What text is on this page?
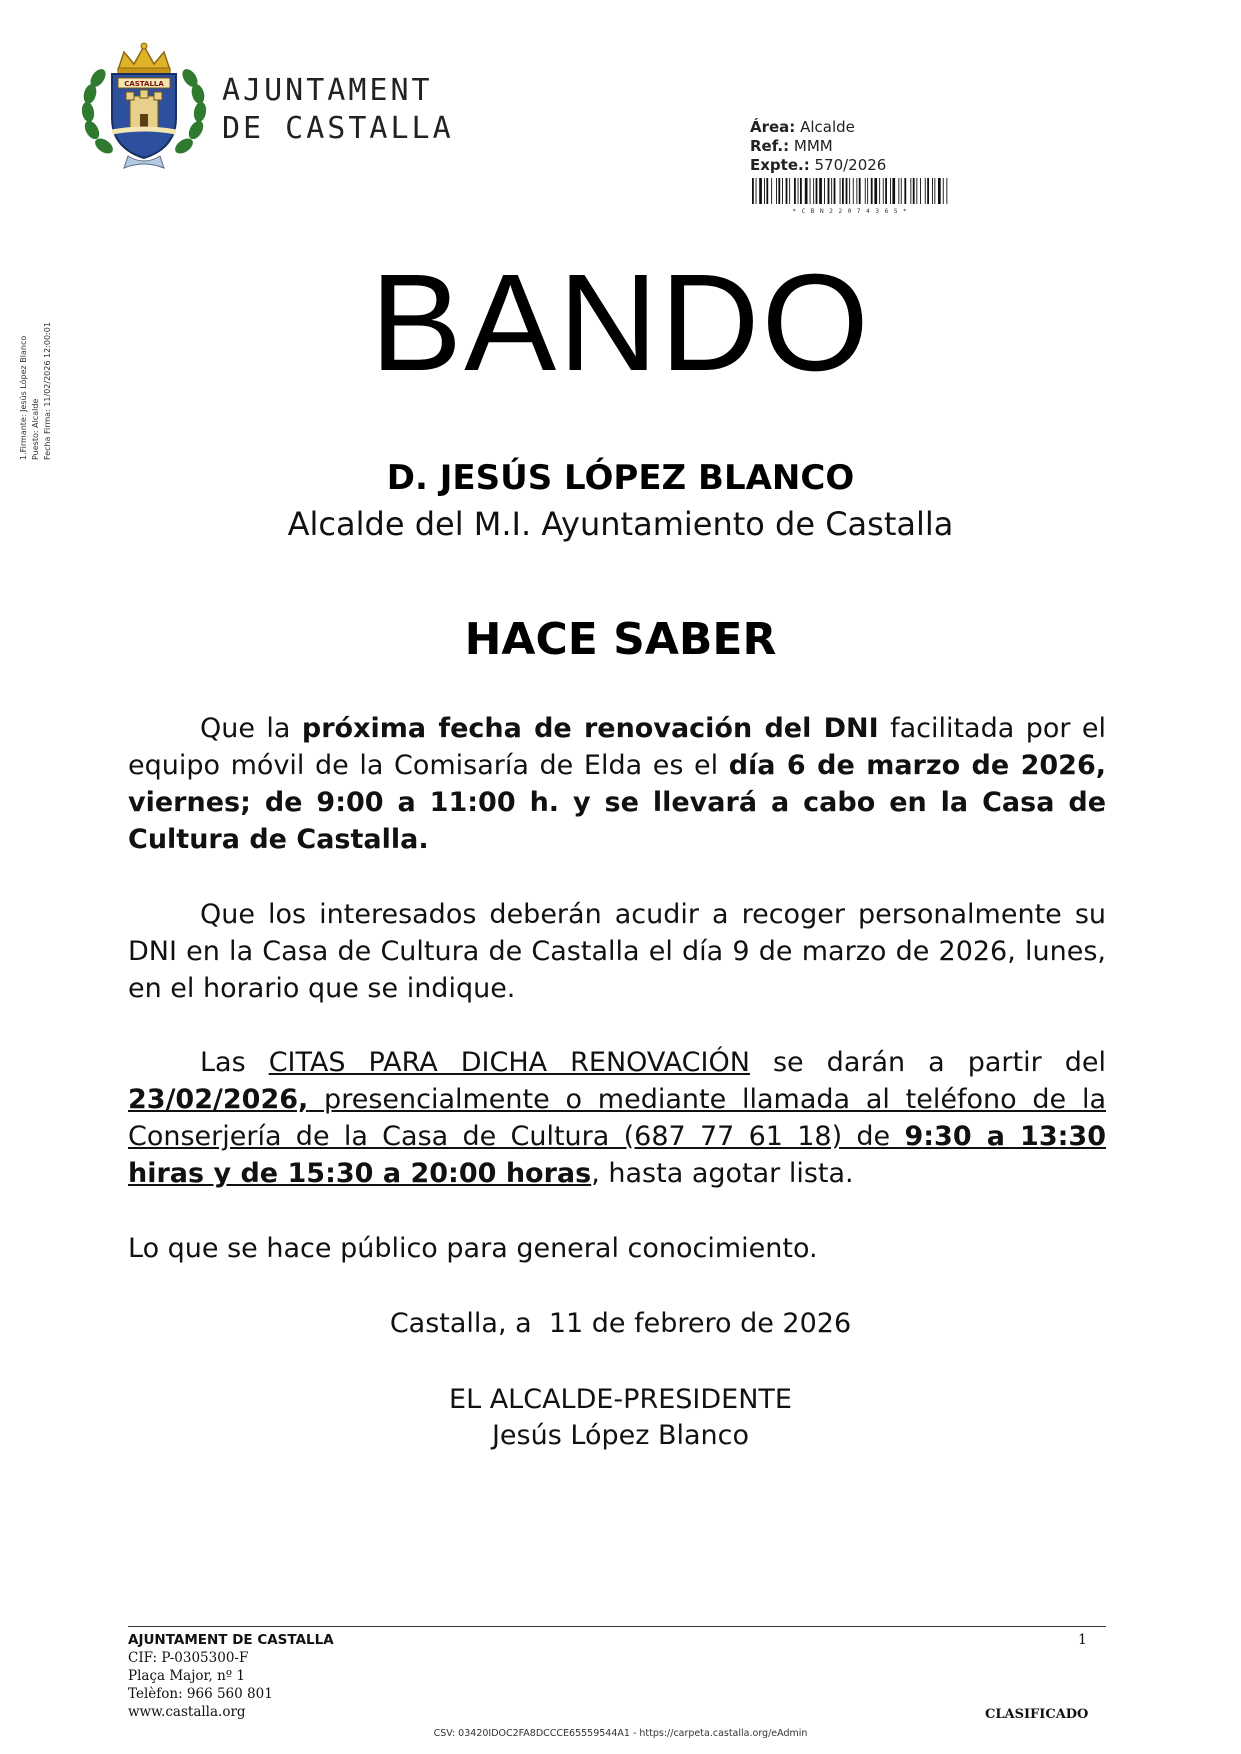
CASTALLA AJUNTAMENT
DE CASTALLA	Área: Alcalde
Ref.: MMM
Expte.: 570/2026
* C B N 2 2 0 7 4 3 6 5 *
1.Firmante: Jesús López Blanco Puesto: Alcalde Fecha Firma: 11/02/2026 12:00:01	BANDO
D. JESÚS LÓPEZ BLANCO
Alcalde del M.I. Ayuntamiento de Castalla
HACE SABER
Que la próxima fecha de renovación del DNI facilitada por el equipo móvil de la Comisaría de Elda es el día 6 de marzo de 2026, viernes; de 9:00 a 11:00 h. y se llevará a cabo en la Casa de Cultura de Castalla.
Que los interesados deberán acudir a recoger personalmente su DNI en la Casa de Cultura de Castalla el día 9 de marzo de 2026, lunes, en el horario que se indique.
Las CITAS PARA DICHA RENOVACIÓN se darán a partir del 23/02/2026, presencialmente o mediante llamada al teléfono de la Conserjería de la Casa de Cultura (687 77 61 18) de 9:30 a 13:30 hiras y de 15:30 a 20:00 horas, hasta agotar lista.
Lo que se hace público para general conocimiento.
Castalla, a  11 de febrero de 2026
EL ALCALDE-PRESIDENTE
Jesús López Blanco
AJUNTAMENT DE CASTALLA
CIF: P-0305300-F
Plaça Major, nº 1
Telèfon: 966 560 801
www.castalla.org
1
CLASIFICADO
CSV: 03420IDOC2FA8DCCCE65559544A1 - https://carpeta.castalla.org/eAdmin
